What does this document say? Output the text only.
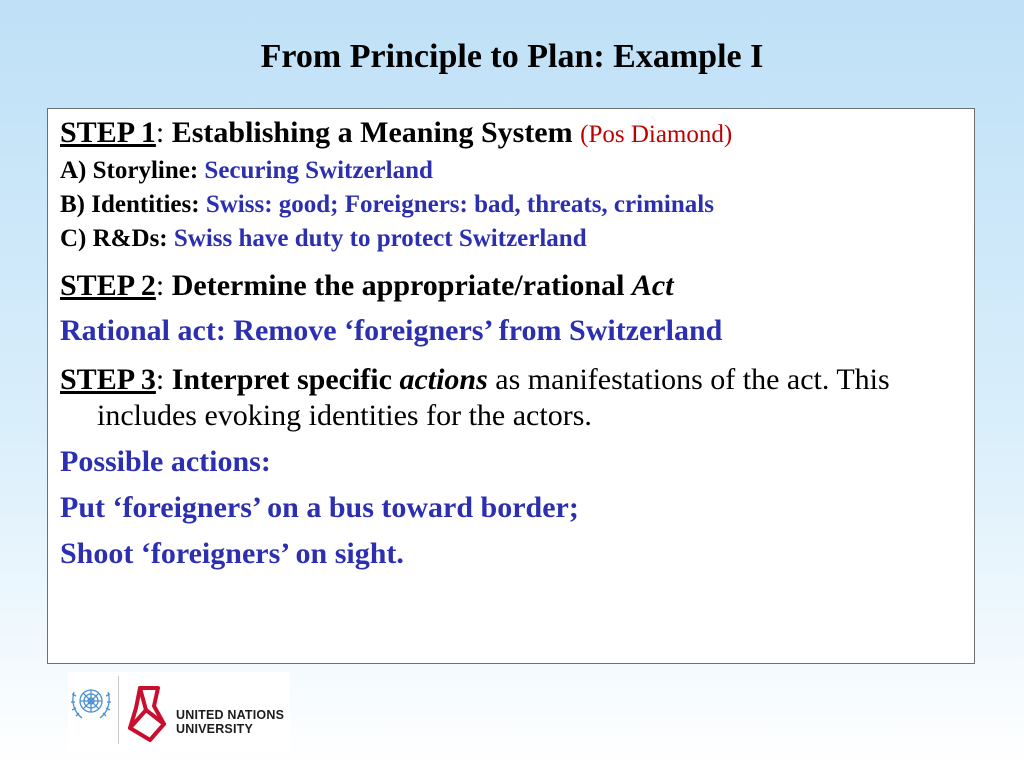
From Principle to Plan: Example I

STEP 1: Establishing a Meaning System (Pos Diamond)

A) Storyline: Securing Switzerland

B) Identities: Swiss: good; Foreigners: bad, threats, criminals

C) R&Ds: Swiss have duty to protect Switzerland

STEP 2: Determine the appropriate/rational Act

Rational act: Remove ‘foreigners’ from Switzerland

STEP 3: Interpret specific actions as manifestations of the act. This includes evoking identities for the actors.

Possible actions:

Put ‘foreigners’ on a bus toward border;

Shoot ‘foreigners’ on sight.

UNITED NATIONS
UNIVERSITY
